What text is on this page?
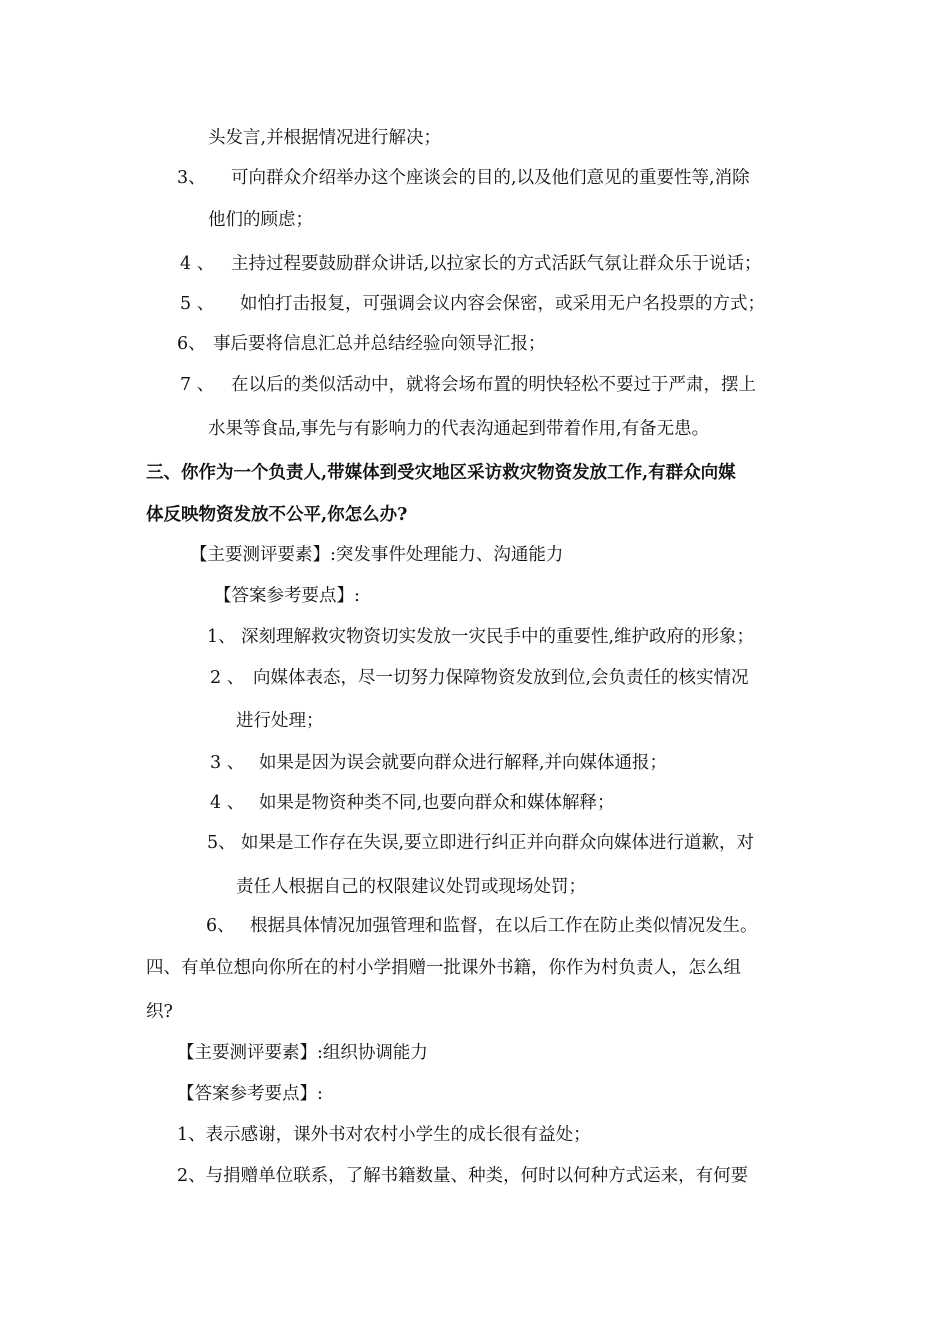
头发言,并根据情况进行解决；
3、 可向群众介绍举办这个座谈会的目的,以及他们意见的重要性等,消除
他们的顾虑；
4 、 主持过程要鼓励群众讲话,以拉家长的方式活跃气氛让群众乐于说话；
5 、 如怕打击报复，可强调会议内容会保密，或采用无户名投票的方式；
6、 事后要将信息汇总并总结经验向领导汇报；
7 、 在以后的类似活动中，就将会场布置的明快轻松不要过于严肃，摆上
水果等食品,事先与有影响力的代表沟通起到带着作用,有备无患。
三、你作为一个负责人,带媒体到受灾地区采访救灾物资发放工作,有群众向媒
体反映物资发放不公平,你怎么办?
【主要测评要素】:突发事件处理能力、沟通能力
【答案参考要点】:
1、 深刻理解救灾物资切实发放一灾民手中的重要性,维护政府的形象；
2 、 向媒体表态，尽一切努力保障物资发放到位,会负责任的核实情况
进行处理；
3 、 如果是因为误会就要向群众进行解释,并向媒体通报；
4 、 如果是物资种类不同,也要向群众和媒体解释；
5、 如果是工作存在失误,要立即进行纠正并向群众向媒体进行道歉，对
责任人根据自己的权限建议处罚或现场处罚；
6、 根据具体情况加强管理和监督，在以后工作在防止类似情况发生。
四、有单位想向你所在的村小学捐赠一批课外书籍，你作为村负责人，怎么组
织?
【主要测评要素】:组织协调能力
【答案参考要点】:
1、表示感谢，课外书对农村小学生的成长很有益处；
2、与捐赠单位联系，了解书籍数量、种类，何时以何种方式运来，有何要
